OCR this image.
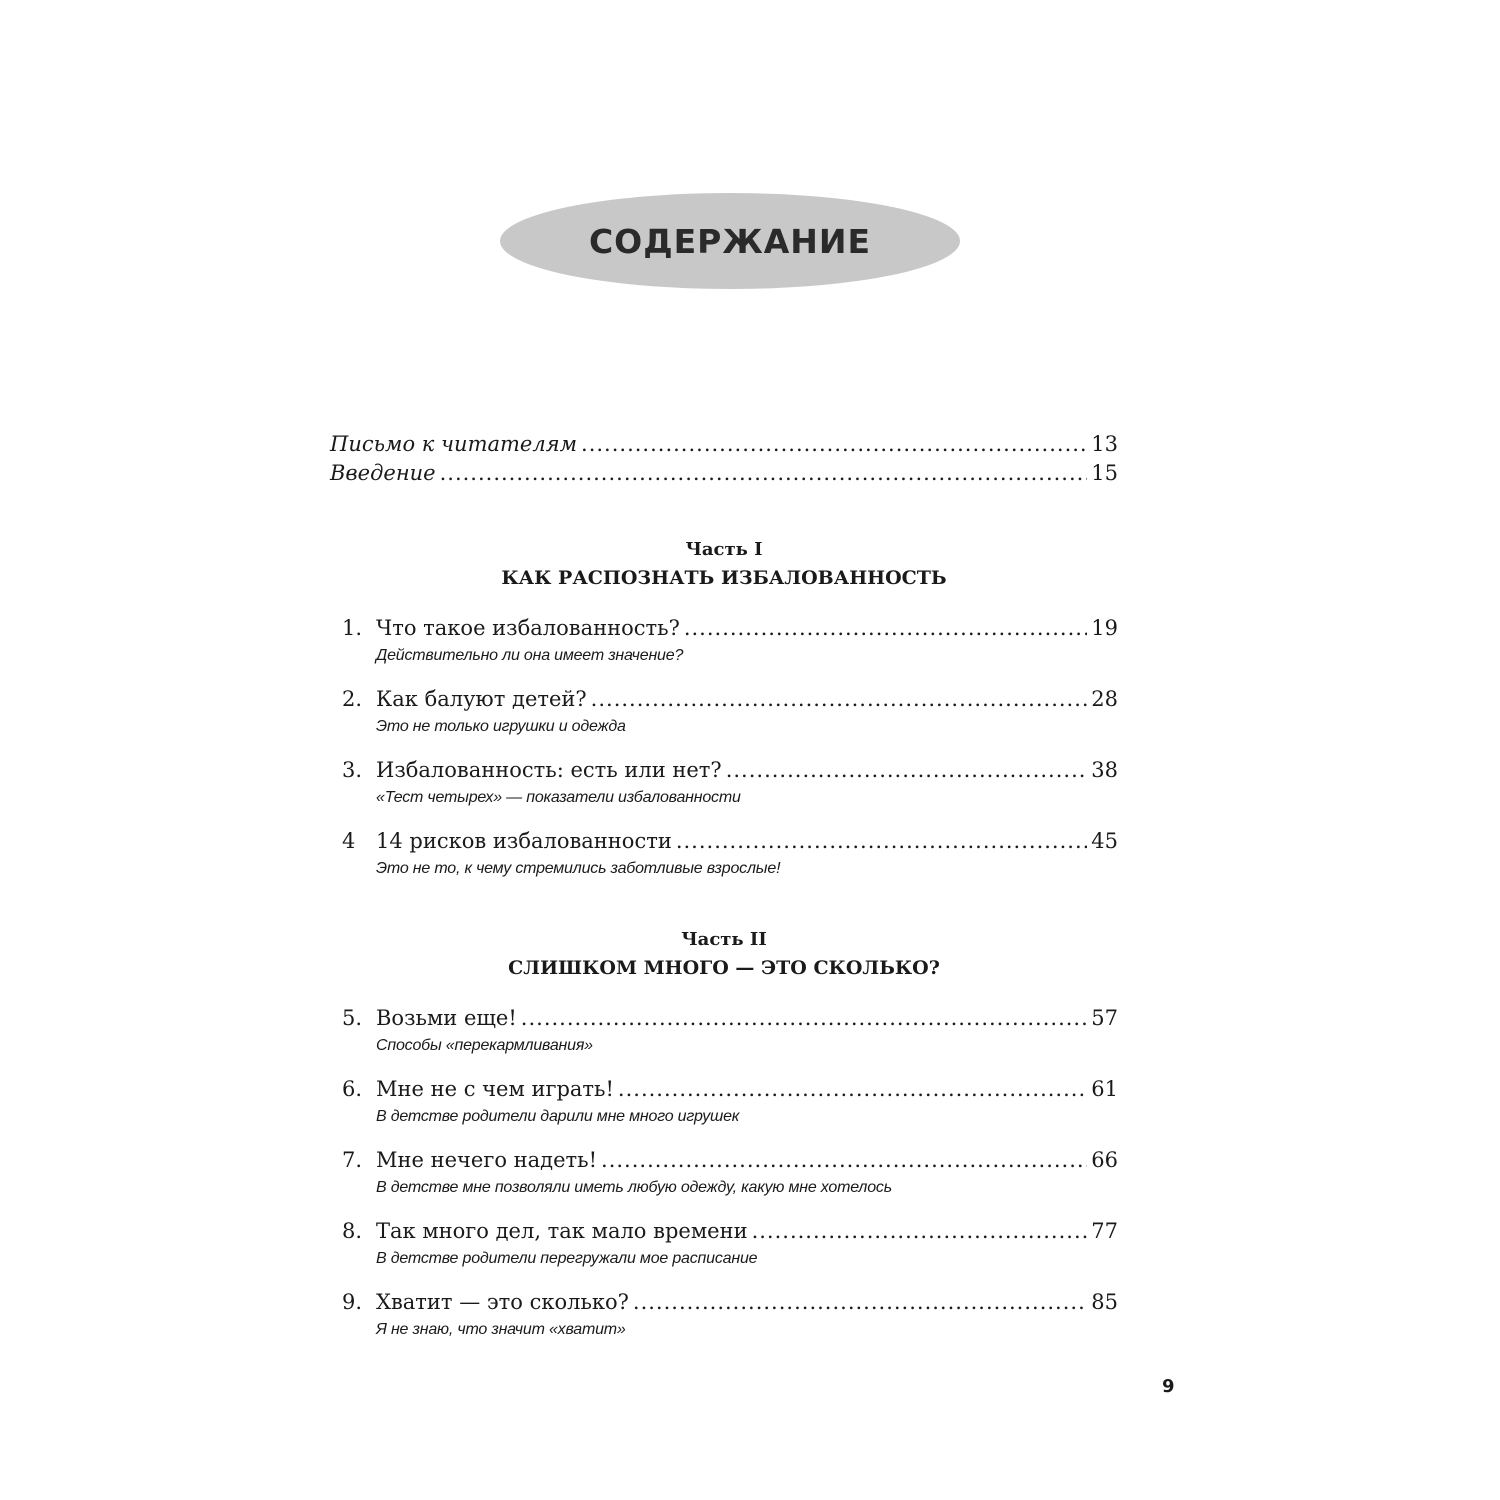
СОДЕРЖАНИЕ
Письмо к читателям .....	13
Введение .....	15
Часть I
КАК РАСПОЗНАТЬ ИЗБАЛОВАННОСТЬ
1. Что такое избалованность? .....	19
Действительно ли она имеет значение?
2. Как балуют детей? .....	28
Это не только игрушки и одежда
3. Избалованность: есть или нет? .....	38
«Тест четырех» — показатели избалованности
4 14 рисков избалованности .....	45
Это не то, к чему стремились заботливые взрослые!
Часть II
СЛИШКОМ МНОГО — ЭТО СКОЛЬКО?
5. Возьми еще! .....	57
Способы «перекармливания»
6. Мне не с чем играть! .....	61
В детстве родители дарили мне много игрушек
7. Мне нечего надеть! .....	66
В детстве мне позволяли иметь любую одежду, какую мне хотелось
8. Так много дел, так мало времени .....	77
В детстве родители перегружали мое расписание
9. Хватит — это сколько? .....	85
Я не знаю, что значит «хватит»
9
